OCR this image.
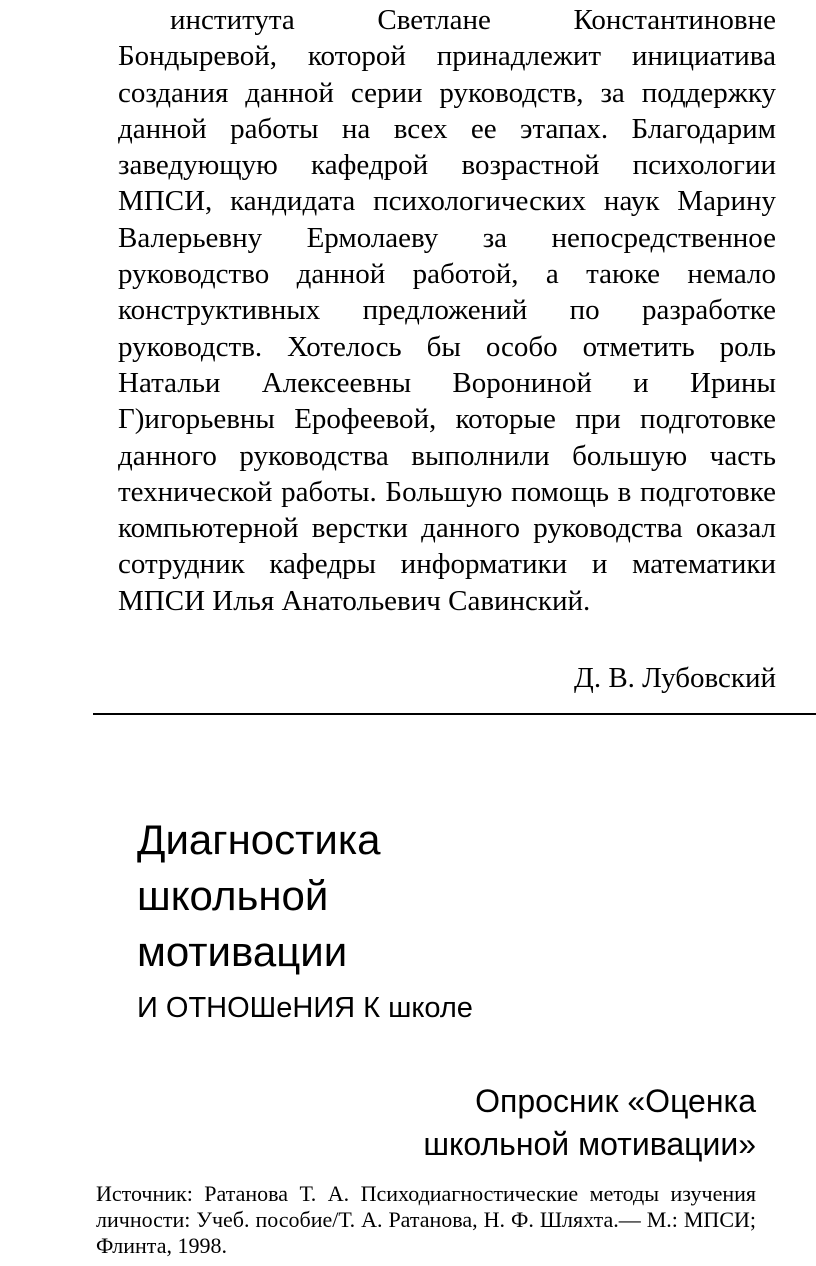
института Светлане Константиновне Бондыревой, которой принадлежит инициатива создания данной серии руководств, за поддержку данной работы на всех ее этапах. Благодарим заведующую кафедрой возрастной психологии МПСИ, кандидата психологических наук Марину Валерьевну Ермолаеву за непосредственное руководство данной работой, а таюке немало конструктивных предложений по разработке руководств. Хотелось бы особо отметить роль Натальи Алексеевны Ворониной и Ирины Г)игорьевны Ерофеевой, которые при подготовке данного руководства выполнили большую часть технической работы. Большую помощь в подготовке компьютерной верстки данного руководства оказал сотрудник кафедры информатики и математики МПСИ Илья Анатольевич Савинский.

Д. В. Лубовский
Диагностика
школьной
мотивации
И ОТНОШеНИЯ К школе
Опросник «Оценка
школьной мотивации»
Источник: Ратанова Т. А. Психодиагностические методы изучения личности: Учеб. пособие/Т. А. Ратанова, Н. Ф. Шляхта.— М.: МПСИ; Флинта, 1998.
